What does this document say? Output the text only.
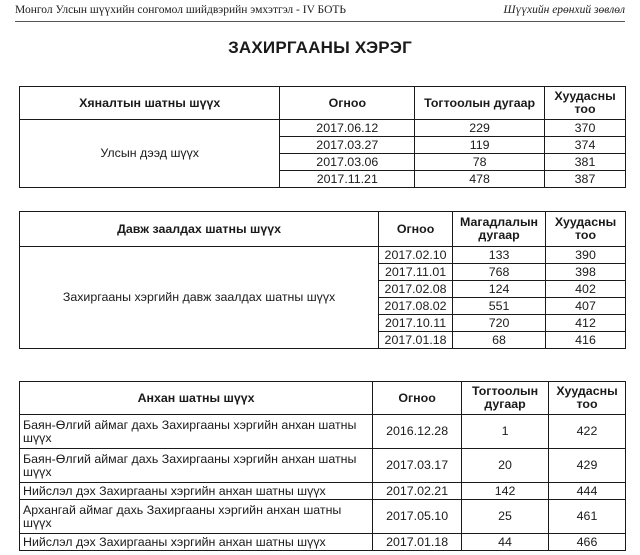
Монгол Улсын шүүхийн сонгомол шийдвэрийн эмхэтгэл - IV БОТЬ	Шүүхийн ерөнхий зөвлөл
ЗАХИРГААНЫ ХЭРЭГ
Хяналтын шатны шүүх	Огноо	Тогтоолын дугаар	Хуудасны тоо
Улсын дээд шүүх	2017.06.12	229	370
	2017.03.27	119	374
	2017.03.06	78	381
	2017.11.21	478	387
Давж заалдах шатны шүүх	Огноо	Магадлалын дугаар	Хуудасны тоо
Захиргааны хэргийн давж заалдах шатны шүүх	2017.02.10	133	390
	2017.11.01	768	398
	2017.02.08	124	402
	2017.08.02	551	407
	2017.10.11	720	412
	2017.01.18	68	416
Анхан шатны шүүх	Огноо	Тогтоолын дугаар	Хуудасны тоо
Баян-Өлгий аймаг дахь Захиргааны хэргийн анхан шатны шүүх	2016.12.28	1	422
Баян-Өлгий аймаг дахь Захиргааны хэргийн анхан шатны шүүх	2017.03.17	20	429
Нийслэл дэх Захиргааны хэргийн анхан шатны шүүх	2017.02.21	142	444
Архангай аймаг дахь Захиргааны хэргийн анхан шатны шүүх	2017.05.10	25	461
Нийслэл дэх Захиргааны хэргийн анхан шатны шүүх	2017.01.18	44	466
